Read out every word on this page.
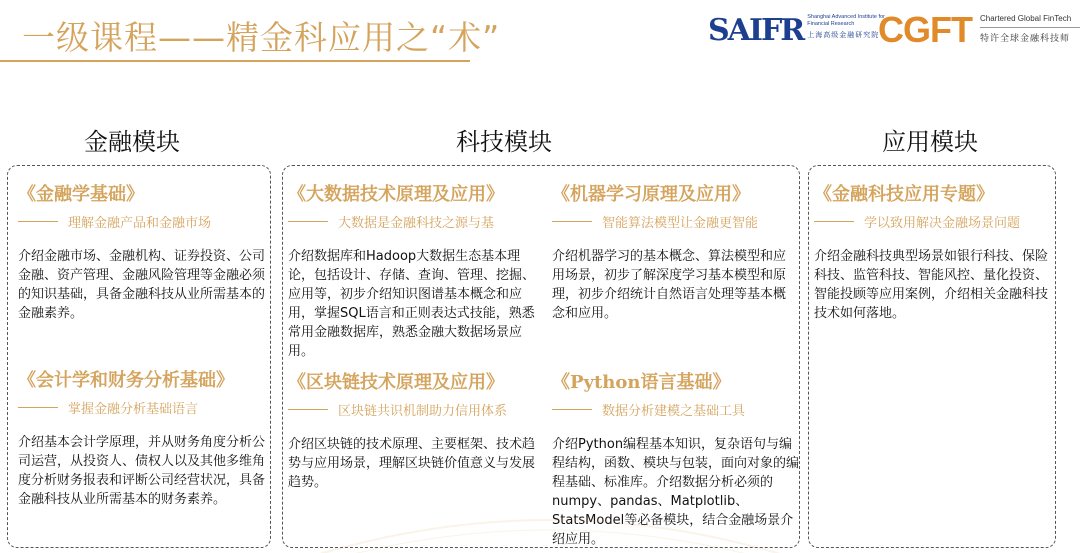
一级课程——精金科应用之“术”	SAIFR Shanghai Advanced Institute for Financial Research
上海高级金融研究院
CGFT Chartered Global FinTech
特许全球金融科技师
金融模块	科技模块	应用模块
《金融学基础》
理解金融产品和金融市场
介绍金融市场、金融机构、证券投资、公司金融、资产管理、金融风险管理等金融必须的知识基础，具备金融科技从业所需基本的金融素养。
《会计学和财务分析基础》
掌握金融分析基础语言
介绍基本会计学原理，并从财务角度分析公司运营，从投资人、债权人以及其他多维角度分析财务报表和评断公司经营状况，具备金融科技从业所需基本的财务素养。
《大数据技术原理及应用》
大数据是金融科技之源与基
介绍数据库和Hadoop大数据生态基本理论，包括设计、存储、查询、管理、挖掘、应用等，初步介绍知识图谱基本概念和应用，掌握SQL语言和正则表达式技能，熟悉常用金融数据库，熟悉金融大数据场景应用。
《机器学习原理及应用》
智能算法模型让金融更智能
介绍机器学习的基本概念、算法模型和应用场景，初步了解深度学习基本模型和原理，初步介绍统计自然语言处理等基本概念和应用。
《区块链技术原理及应用》
区块链共识机制助力信用体系
介绍区块链的技术原理、主要框架、技术趋势与应用场景，理解区块链价值意义与发展趋势。
《Python语言基础》
数据分析建模之基础工具
介绍Python编程基本知识，复杂语句与编程结构，函数、模块与包装，面向对象的编程基础、标准库。介绍数据分析必须的numpy、pandas、Matplotlib、StatsModel等必备模块，结合金融场景介绍应用。
《金融科技应用专题》
学以致用解决金融场景问题
介绍金融科技典型场景如银行科技、保险科技、监管科技、智能风控、量化投资、智能投顾等应用案例，介绍相关金融科技技术如何落地。
